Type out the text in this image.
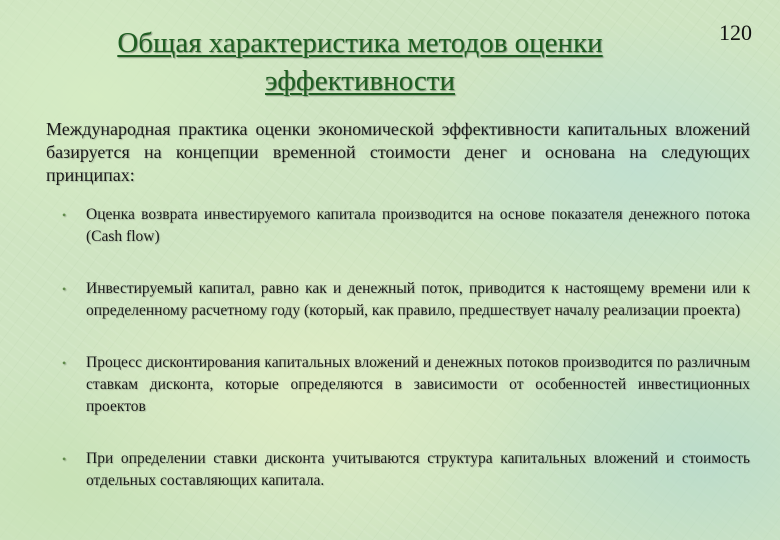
120
Общая характеристика методов оценки эффективности
Международная практика оценки экономической эффективности капитальных вложений базируется на концепции временной стоимости денег и основана на следующих принципах:
•	Оценка возврата инвестируемого капитала производится на основе показателя денежного потока (Cash flow)
•	Инвестируемый капитал, равно как и денежный поток, приводится к настоящему времени или к определенному расчетному году (который, как правило, предшествует началу реализации проекта)
•	Процесс дисконтирования капитальных вложений и денежных потоков производится по различным ставкам дисконта, которые определяются в зависимости от особенностей инвестиционных проектов
•	При определении ставки дисконта учитываются структура капитальных вложений и стоимость отдельных составляющих капитала.
